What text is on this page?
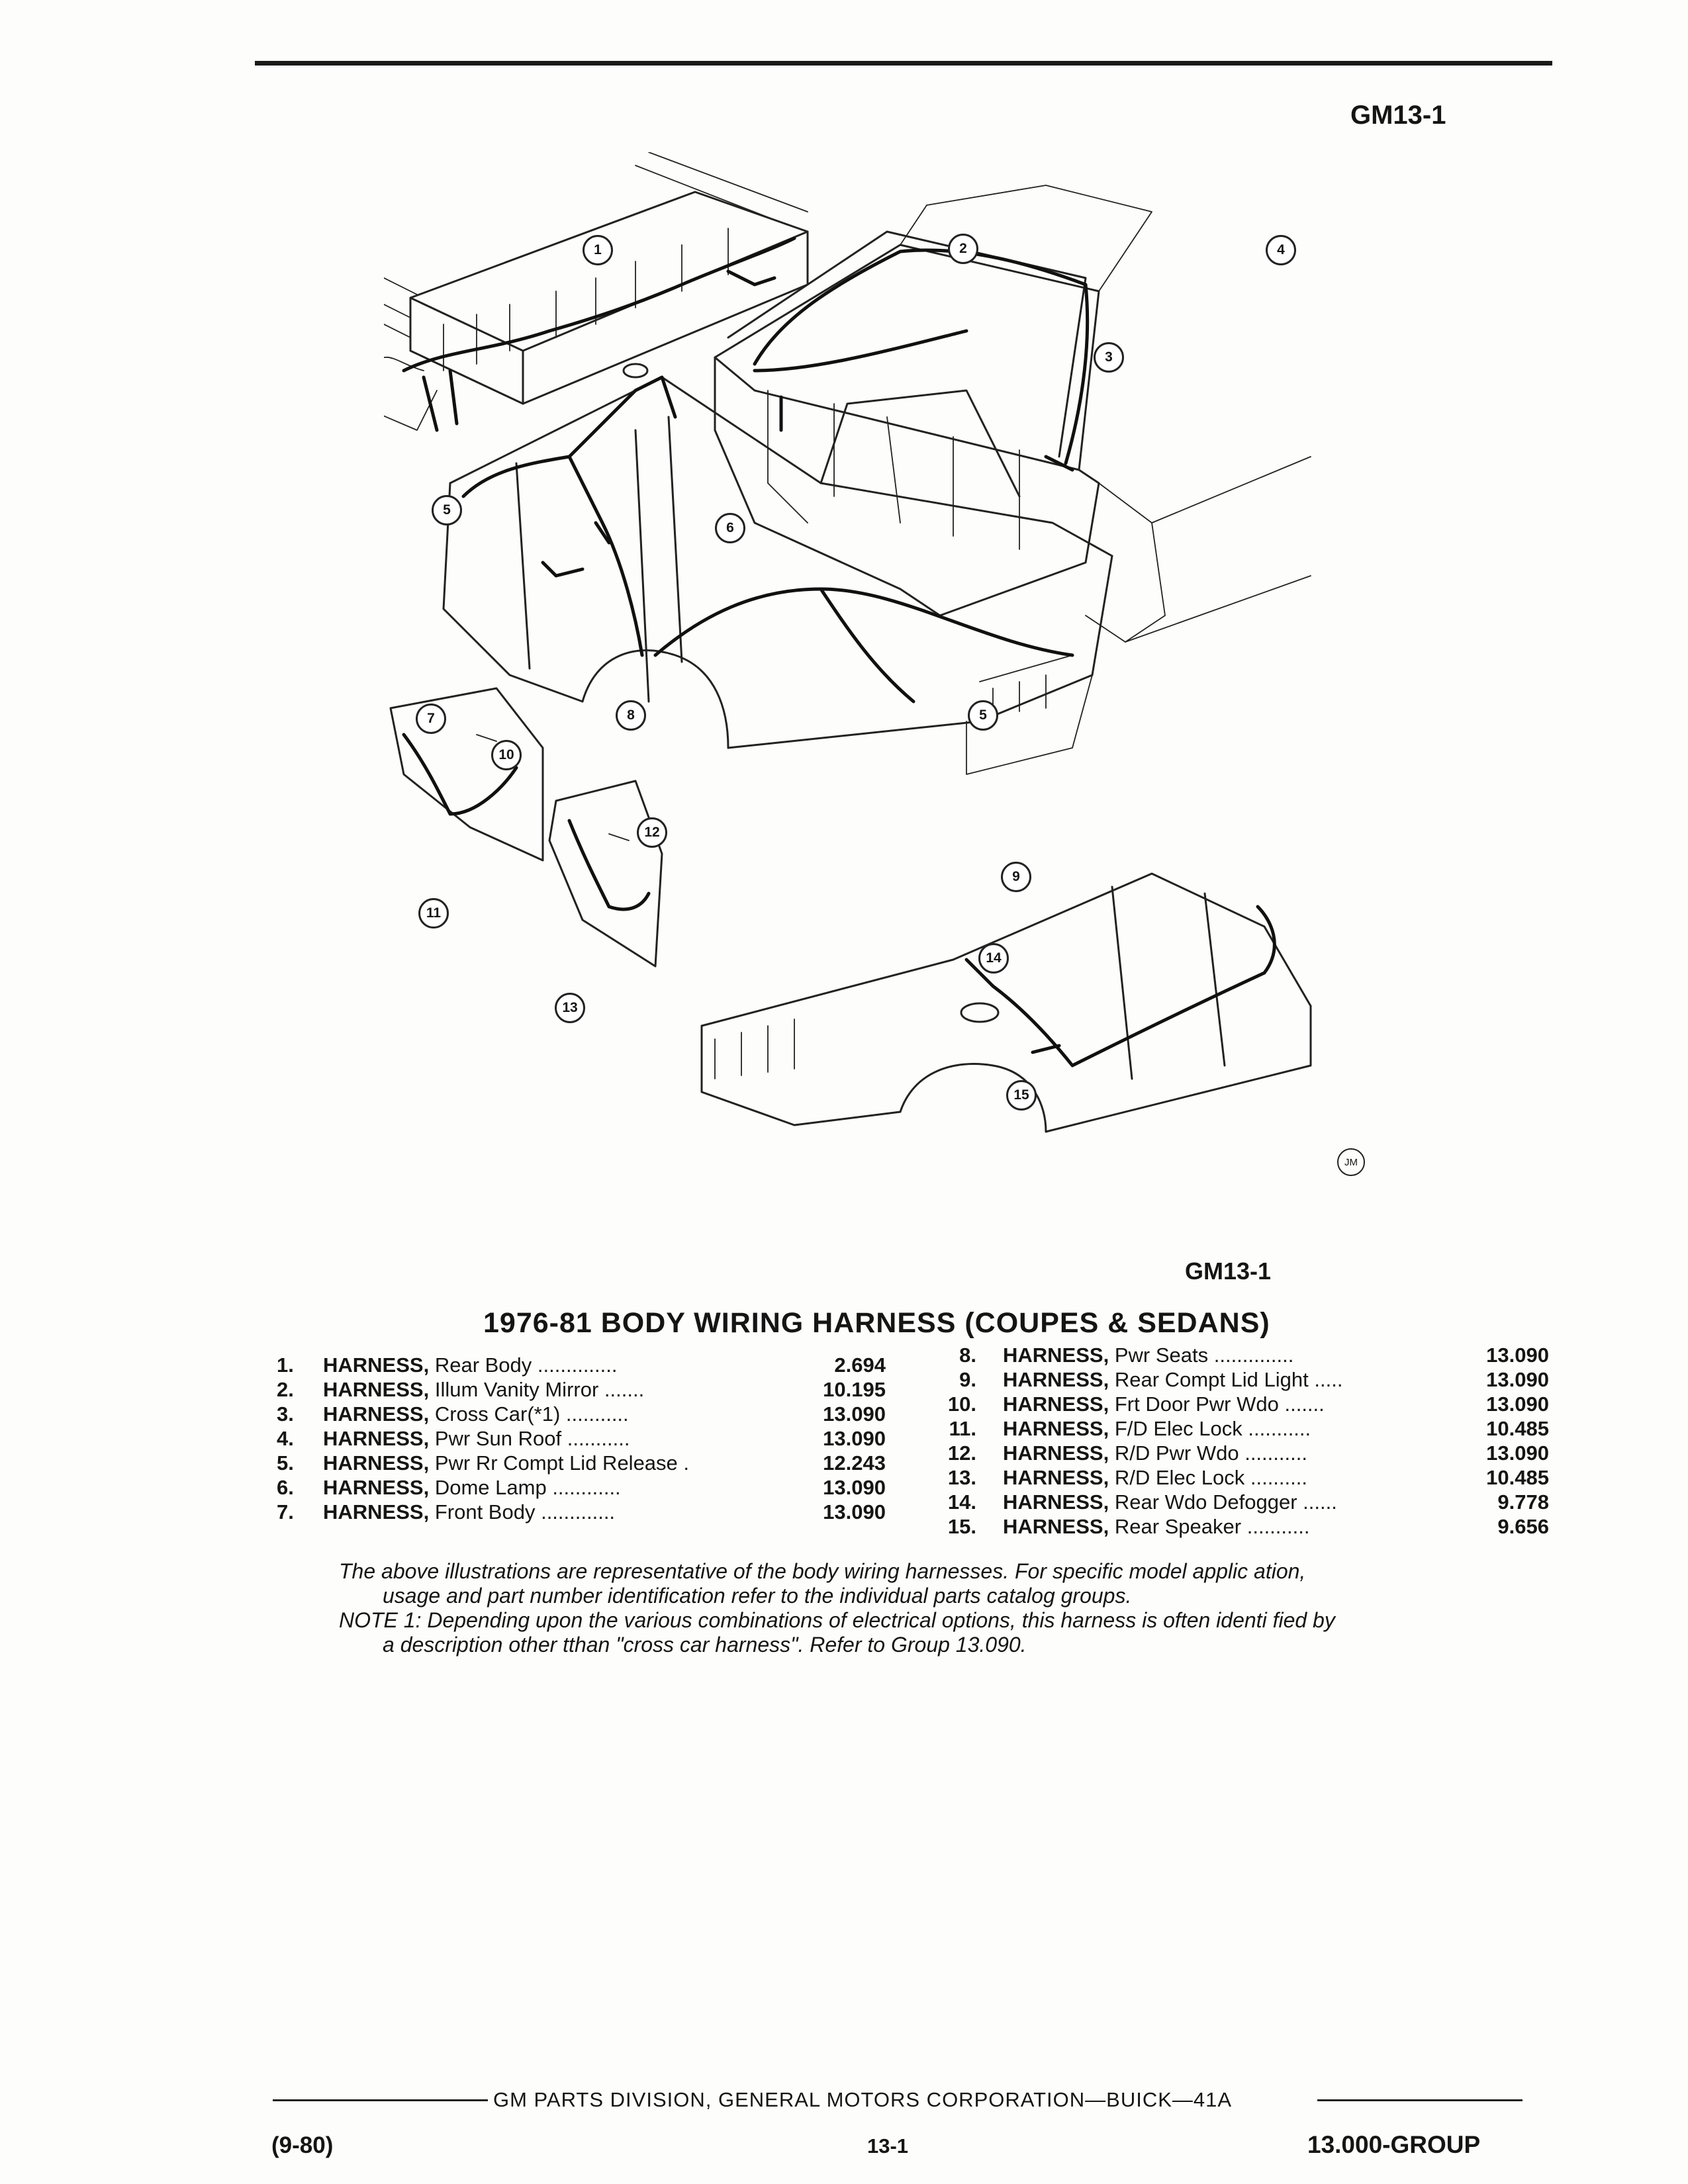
GM13-1
1	2
3
4
5
6
7	8	5
9
10
11
12
13
14
15
JM
GM13-1
1976-81 BODY WIRING HARNESS (COUPES & SEDANS)
1. HARNESS, Rear Body ..............	2.694
2. HARNESS, Illum Vanity Mirror .......	10.195
3. HARNESS, Cross Car(*1) ...........	13.090
4. HARNESS, Pwr Sun Roof ...........	13.090
5. HARNESS, Pwr Rr Compt Lid Release .	12.243
6. HARNESS, Dome Lamp ............	13.090
7. HARNESS, Front Body .............	13.090
8. HARNESS, Pwr Seats ..............	13.090
9. HARNESS, Rear Compt Lid Light .....	13.090
10. HARNESS, Frt Door Pwr Wdo .......	13.090
11. HARNESS, F/D Elec Lock ...........	10.485
12. HARNESS, R/D Pwr Wdo ...........	13.090
13. HARNESS, R/D Elec Lock ..........	10.485
14. HARNESS, Rear Wdo Defogger ......	9.778
15. HARNESS, Rear Speaker ...........	9.656
The above illustrations are representative of the body wiring harnesses. For specific model applic ation,
usage and part number identification refer to the individual parts catalog groups.
NOTE 1: Depending upon the various combinations of electrical options, this harness is often identi fied by
a description other tthan "cross car harness". Refer to Group 13.090.
GM PARTS DIVISION, GENERAL MOTORS CORPORATION—BUICK—41A
(9-80)	13-1	13.000-GROUP
